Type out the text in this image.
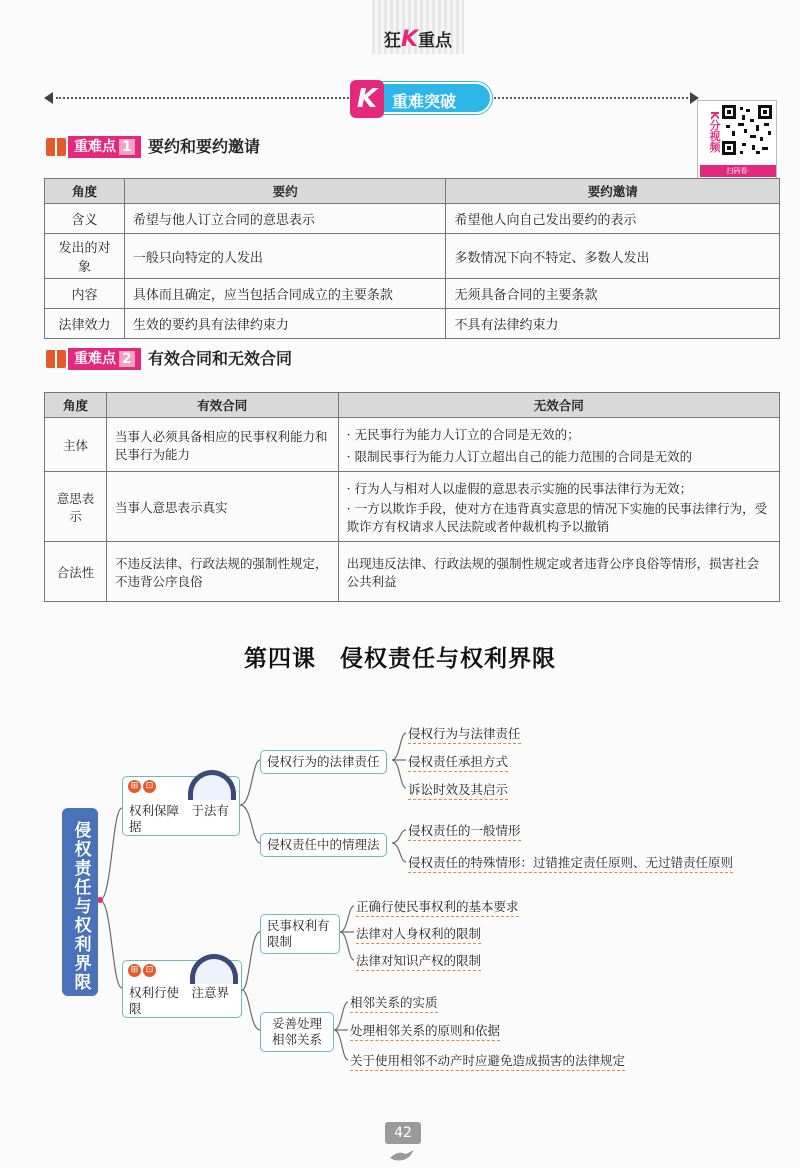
狂K重点
K 重难突破
K分视频
扫码看·
重难点 1	要约和要约邀请
角度	要约	要约邀请
含义	希望与他人订立合同的意思表示	希望他人向自己发出要约的表示
发出的对象	一般只向特定的人发出	多数情况下向不特定、多数人发出
内容	具体而且确定，应当包括合同成立的主要条款	无须具备合同的主要条款
法律效力	生效的要约具有法律约束力	不具有法律约束力
重难点 2	有效合同和无效合同
角度	有效合同	无效合同
主体	当事人必须具备相应的民事权利能力和民事行为能力	· 无民事行为能力人订立的合同是无效的；
· 限制民事行为能力人订立超出自己的能力范围的合同是无效的

意思表示	当事人意思表示真实	· 行为人与相对人以虚假的意思表示实施的民事法律行为无效；
· 一方以欺诈手段，使对方在违背真实意思的情况下实施的民事法律行为，受欺诈方有权请求人民法院或者仲裁机构予以撤销

合法性	不违反法律、行政法规的强制性规定，不违背公序良俗	出现违反法律、行政法规的强制性规定或者违背公序良俗等情形，损害社会公共利益
第四课　侵权责任与权利界限
侵权责任与权利界限
权利保障　于法有据
⊞ ⊡
侵权行为的法律责任
侵权行为与法律责任
侵权责任承担方式
诉讼时效及其启示
侵权责任中的情理法
侵权责任的一般情形
侵权责任的特殊情形：过错推定责任原则、无过错责任原则
权利行使　注意界限
⊞ ⊡
民事权利有限制
正确行使民事权利的基本要求
法律对人身权利的限制
法律对知识产权的限制
妥善处理相邻关系
相邻关系的实质
处理相邻关系的原则和依据
关于使用相邻不动产时应避免造成损害的法律规定
42
